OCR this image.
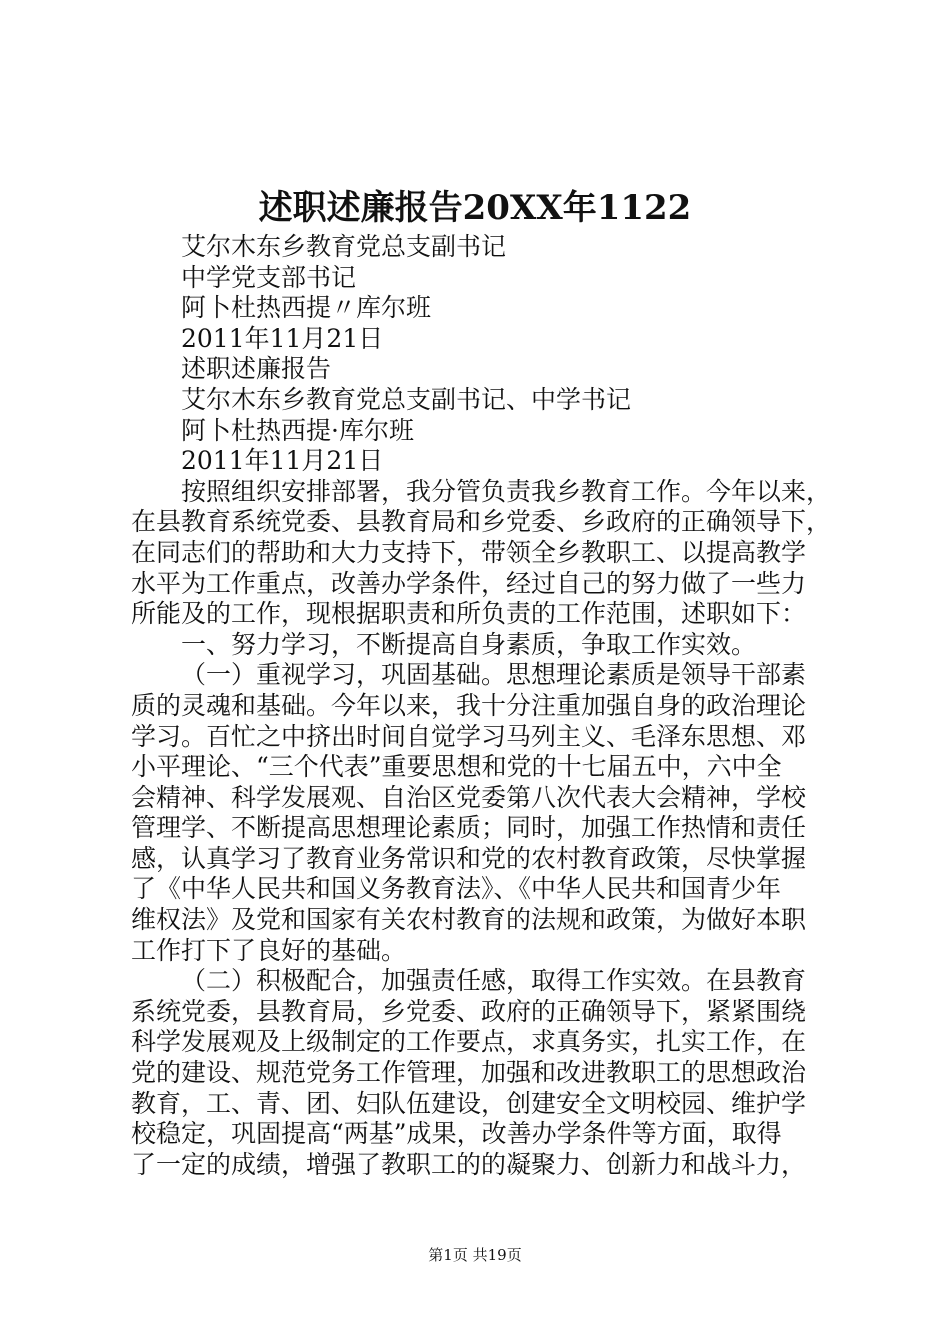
述职述廉报告20XX年1122
艾尔木东乡教育党总支副书记
中学党支部书记
阿卜杜热西提〃库尔班
2011年11月21日
述职述廉报告
艾尔木东乡教育党总支副书记、中学书记
阿卜杜热西提·库尔班
2011年11月21日
按照组织安排部署，我分管负责我乡教育工作。今年以来，
在县教育系统党委、县教育局和乡党委、乡政府的正确领导下，
在同志们的帮助和大力支持下，带领全乡教职工、以提高教学
水平为工作重点，改善办学条件，经过自己的努力做了一些力
所能及的工作，现根据职责和所负责的工作范围，述职如下：
一、努力学习，不断提高自身素质，争取工作实效。
（一）重视学习，巩固基础。思想理论素质是领导干部素
质的灵魂和基础。今年以来，我十分注重加强自身的政治理论
学习。百忙之中挤出时间自觉学习马列主义、毛泽东思想、邓
小平理论、“三个代表”重要思想和党的十七届五中，六中全
会精神、科学发展观、自治区党委第八次代表大会精神，学校
管理学、不断提高思想理论素质；同时，加强工作热情和责任
感，认真学习了教育业务常识和党的农村教育政策，尽快掌握
了《中华人民共和国义务教育法》、《中华人民共和国青少年
维权法》及党和国家有关农村教育的法规和政策，为做好本职
工作打下了良好的基础。
（二）积极配合，加强责任感，取得工作实效。在县教育
系统党委，县教育局，乡党委、政府的正确领导下，紧紧围绕
科学发展观及上级制定的工作要点，求真务实，扎实工作，在
党的建设、规范党务工作管理，加强和改进教职工的思想政治
教育，工、青、团、妇队伍建设，创建安全文明校园、维护学
校稳定，巩固提高“两基”成果，改善办学条件等方面，取得
了一定的成绩，增强了教职工的的凝聚力、创新力和战斗力，
第1页 共19页
